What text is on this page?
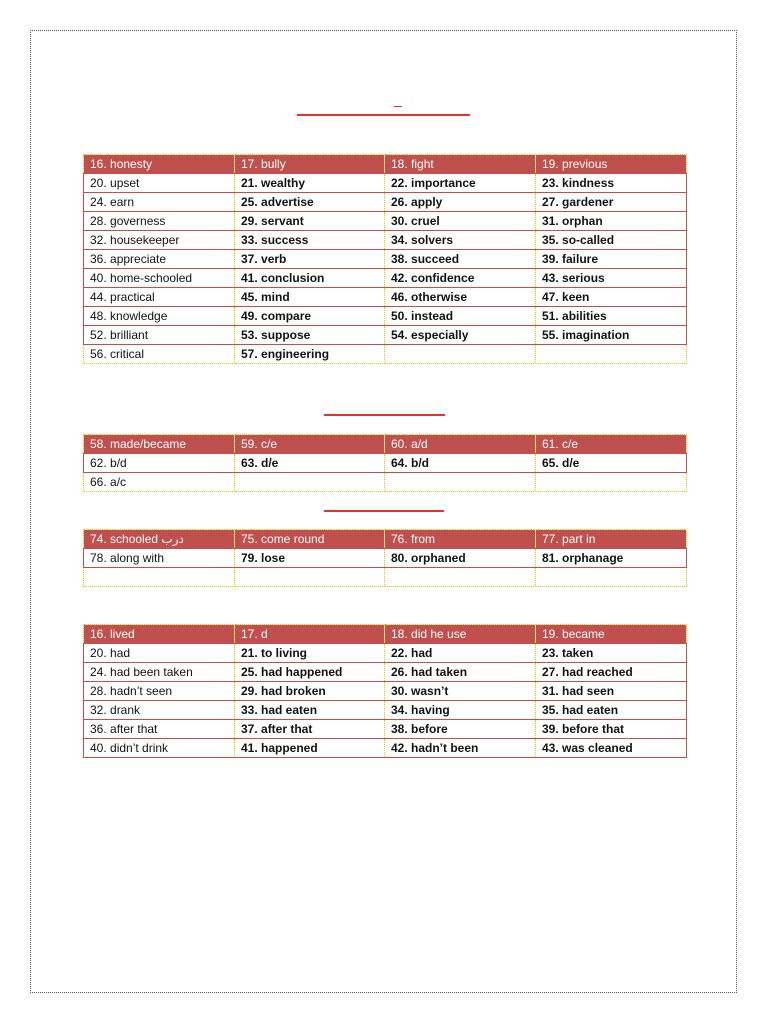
16. honesty	17. bully	18. fight	19. previous
20. upset	21. wealthy	22. importance	23. kindness
24. earn	25. advertise	26. apply	27. gardener
28. governess	29. servant	30. cruel	31. orphan
32. housekeeper	33. success	34. solvers	35. so-called
36. appreciate	37. verb	38. succeed	39. failure
40. home-schooled	41. conclusion	42. confidence	43. serious
44. practical	45. mind	46. otherwise	47. keen
48. knowledge	49. compare	50. instead	51. abilities
52. brilliant	53. suppose	54. especially	55. imagination
56. critical	57. engineering		
58. made/became	59. c/e	60. a/d	61. c/e
62. b/d	63. d/e	64. b/d	65. d/e
66. a/c			
74. schooled درب	75. come round	76. from	77. part in
78. along with	79. lose	80. orphaned	81. orphanage

16. lived	17. d	18. did he use	19. became
20. had	21. to living	22. had	23. taken
24. had been taken	25. had happened	26. had taken	27. had reached
28. hadn’t seen	29. had broken	30. wasn’t	31. had seen
32. drank	33. had eaten	34. having	35. had eaten
36. after that	37. after that	38. before	39. before that
40. didn’t drink	41. happened	42. hadn’t been	43. was cleaned
